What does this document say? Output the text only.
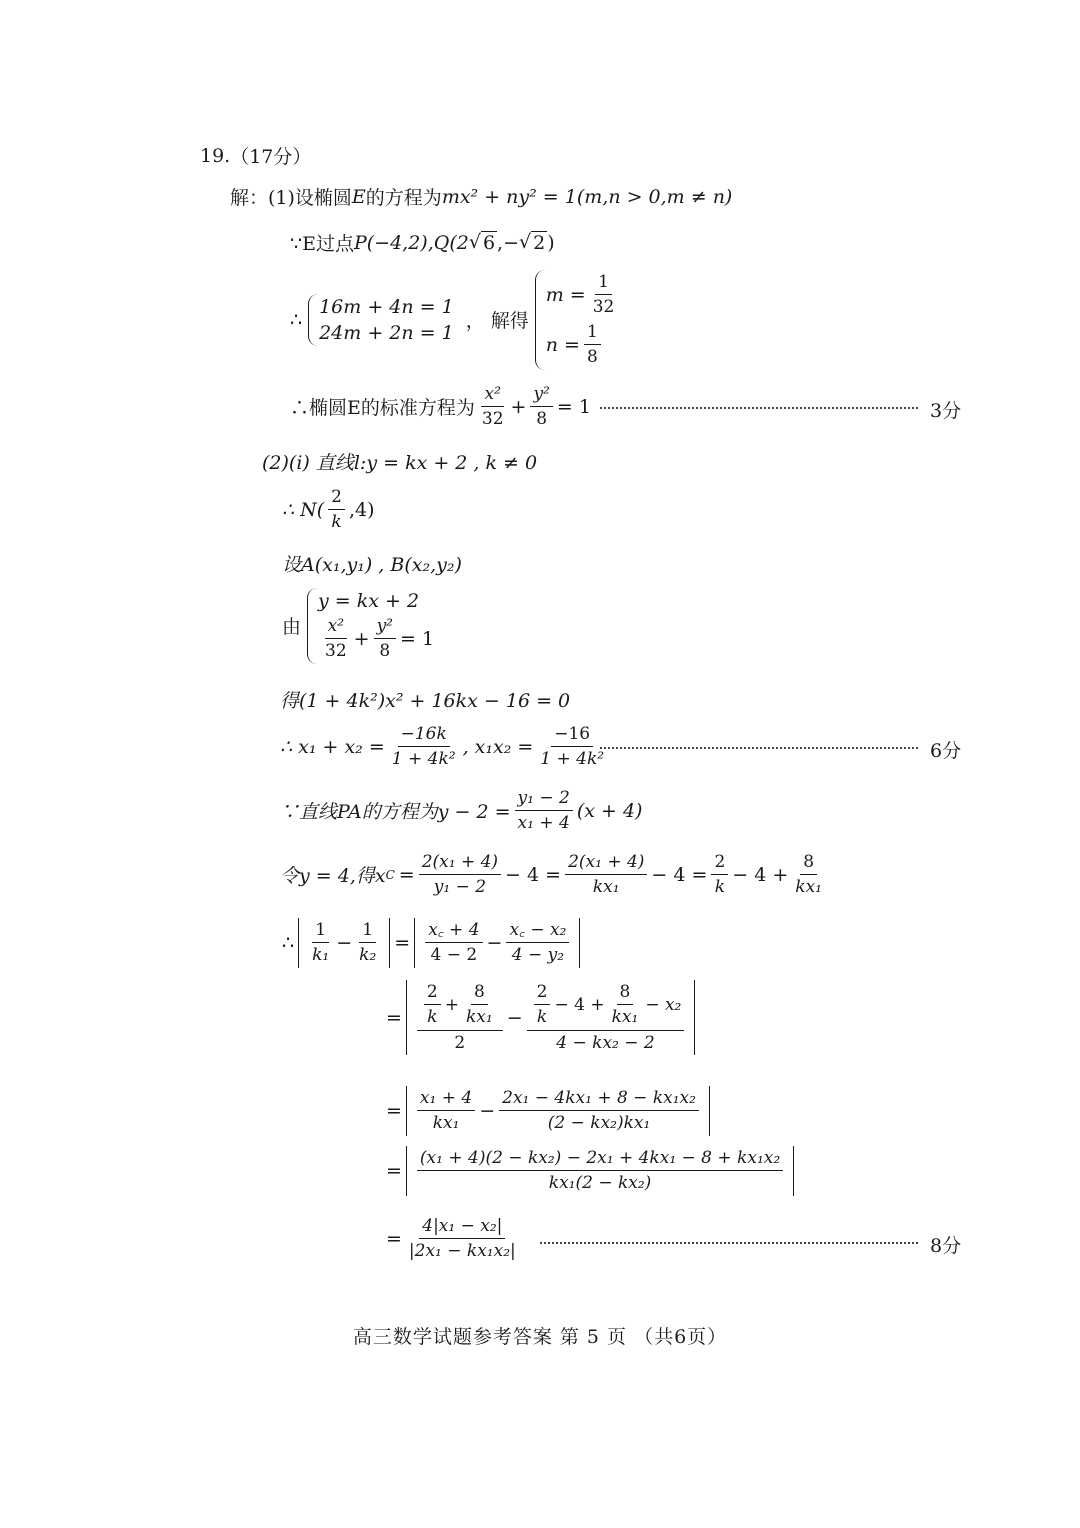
19. （17分）
解：(1)设椭圆 E 的方程为 mx² + ny² = 1 (m,n > 0,m ≠ n)
∵E过点 P(−4,2),Q(2 √ 6 ,− √ 2 )
∴
16m + 4n = 1
24m + 2n = 1
， 解得
$m = \frac{1}{32}$
$n = \frac{1}{8}$
∴椭圆E的标准方程为 $\frac{\text{x²}}{32} + \frac{\text{y²}}{8} = 1$	3分
(2)(ⅰ) 直线l:y = kx + 2 , k ≠ 0
∴ $N( \frac{2}{k} ,4)$
设A(x₁,y₁) , B(x₂,y₂)
由
y = kx + 2
$\frac{\text{x²}}{32} + \frac{\text{y²}}{8} = 1$
得(1 + 4k²)x² + 16kx − 16 = 0
∴ $x_1 + x_2 = \frac{-16k}{\text{1 + 4k²}}$ , $x_1x_2 = \frac{-16}{\text{1 + 4k²}}$	6分
∵直线PA的方程为$y - 2 = \frac{\text{y₁ − 2}}{\text{x₁ + 4}} (x + 4)$
令y = 4,得x $C = \frac{\text{2(x₁ + 4)}}{\text{y₁ − 2}} - 4 = \frac{\text{2(x₁ + 4)}}{\text{kx₁}} - 4 = \frac{2}{k} - 4 + \frac{8}{\text{kx₁}}$
∴ $\frac{1}{\text{k₁}} - \frac{1}{\text{k₂}} = \frac{x꜀ + 4}{4 - 2} - \frac{\text{x꜀ − x₂}}{\text{4 − y₂}}$
= $\frac{\frac{2}{k} + \frac{8}{\text{kx₁}}}{2} - \frac{\frac{2}{k} - 4 + \frac{8}{\text{kx₁}} - x_2}{\text{4 − kx₂ − 2}}$
= $\frac{\text{x₁ + 4}}{\text{kx₁}} - \frac{\text{2x₁ − 4kx₁ + 8 − kx₁x₂}}{\text{(2 − kx₂)kx₁}}$
= $\frac{\text{(x₁ + 4)(2 − kx₂) − 2x₁ + 4kx₁ − 8 + kx₁x₂}}{\text{kx₁(2 − kx₂)}}$
= $\frac{\text{4|x₁ − x₂|}}{\text{|2x₁ − kx₁x₂|}}$	8分
高三数学试题参考答案 第 5 页 （共6页）
